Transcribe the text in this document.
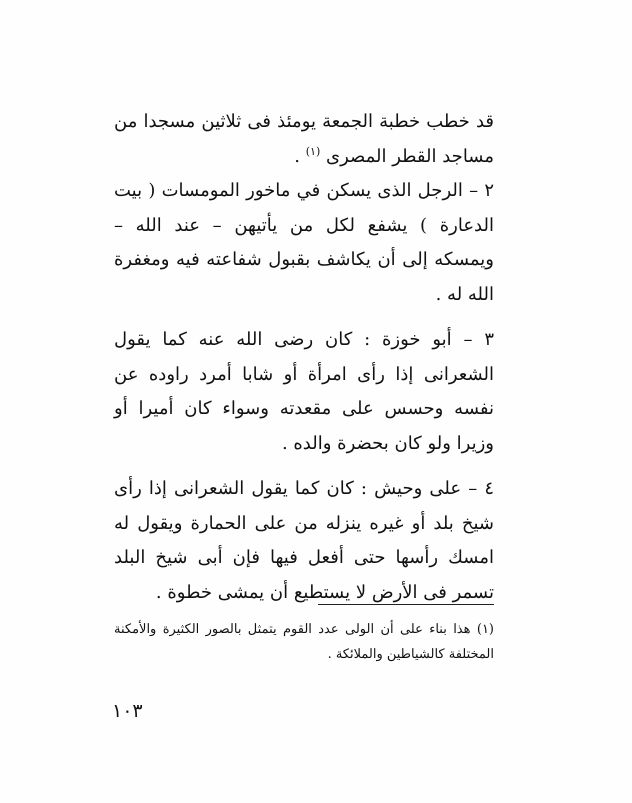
قد خطب خطبة الجمعة يومئذ فى ثلاثين مسجدا من مساجد القطر المصرى $^{(١)}$ .

٢ – الرجل الذى يسكن في ماخور المومسات ( بيت الدعارة ) يشفع لكل من يأتيهن – عند الله – ويمسكه إلى أن يكاشف بقبول شفاعته فيه ومغفرة الله له .

٣ – أبو خوزة : كان رضى الله عنه كما يقول الشعرانى إذا رأى امرأة أو شابا أمرد راوده عن نفسه وحسس على مقعدته وسواء كان أميرا أو وزيرا ولو كان بحضرة والده .

٤ – على وحيش : كان كما يقول الشعرانى إذا رأى شيخ بلد أو غيره ينزله من على الحمارة ويقول له امسك رأسها حتى أفعل فيها فإن أبى شيخ البلد تسمر فى الأرض لا يستطيع أن يمشى خطوة .

(١) هذا بناء على أن الولى عدد القوم يتمثل بالصور الكثيرة والأمكنة المختلفة كالشياطين والملائكة .

١٠٣
